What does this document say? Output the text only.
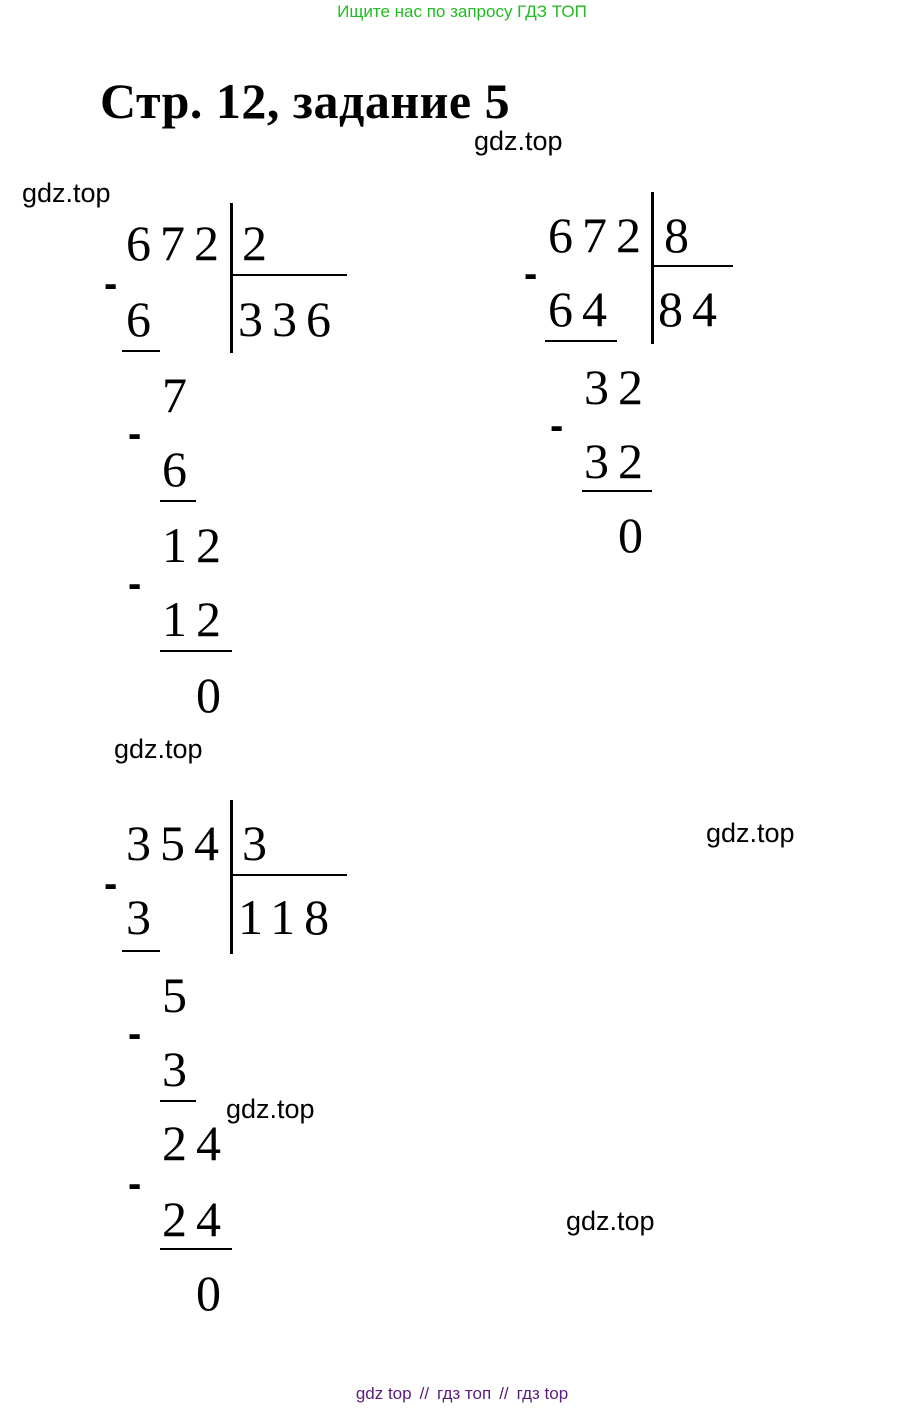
Ищите нас по запросу ГДЗ ТОП
Стр. 12, задание 5
gdz.top
gdz.top
gdz.top
gdz.top
gdz.top
gdz.top
672 2
336
-
6
7
-
6
12
-
12
0
672 8
84
-
64
32
-
32
0
354 3
118
-
3
5
-
3
24
-
24
0
gdz top // гдз топ // гдз top
